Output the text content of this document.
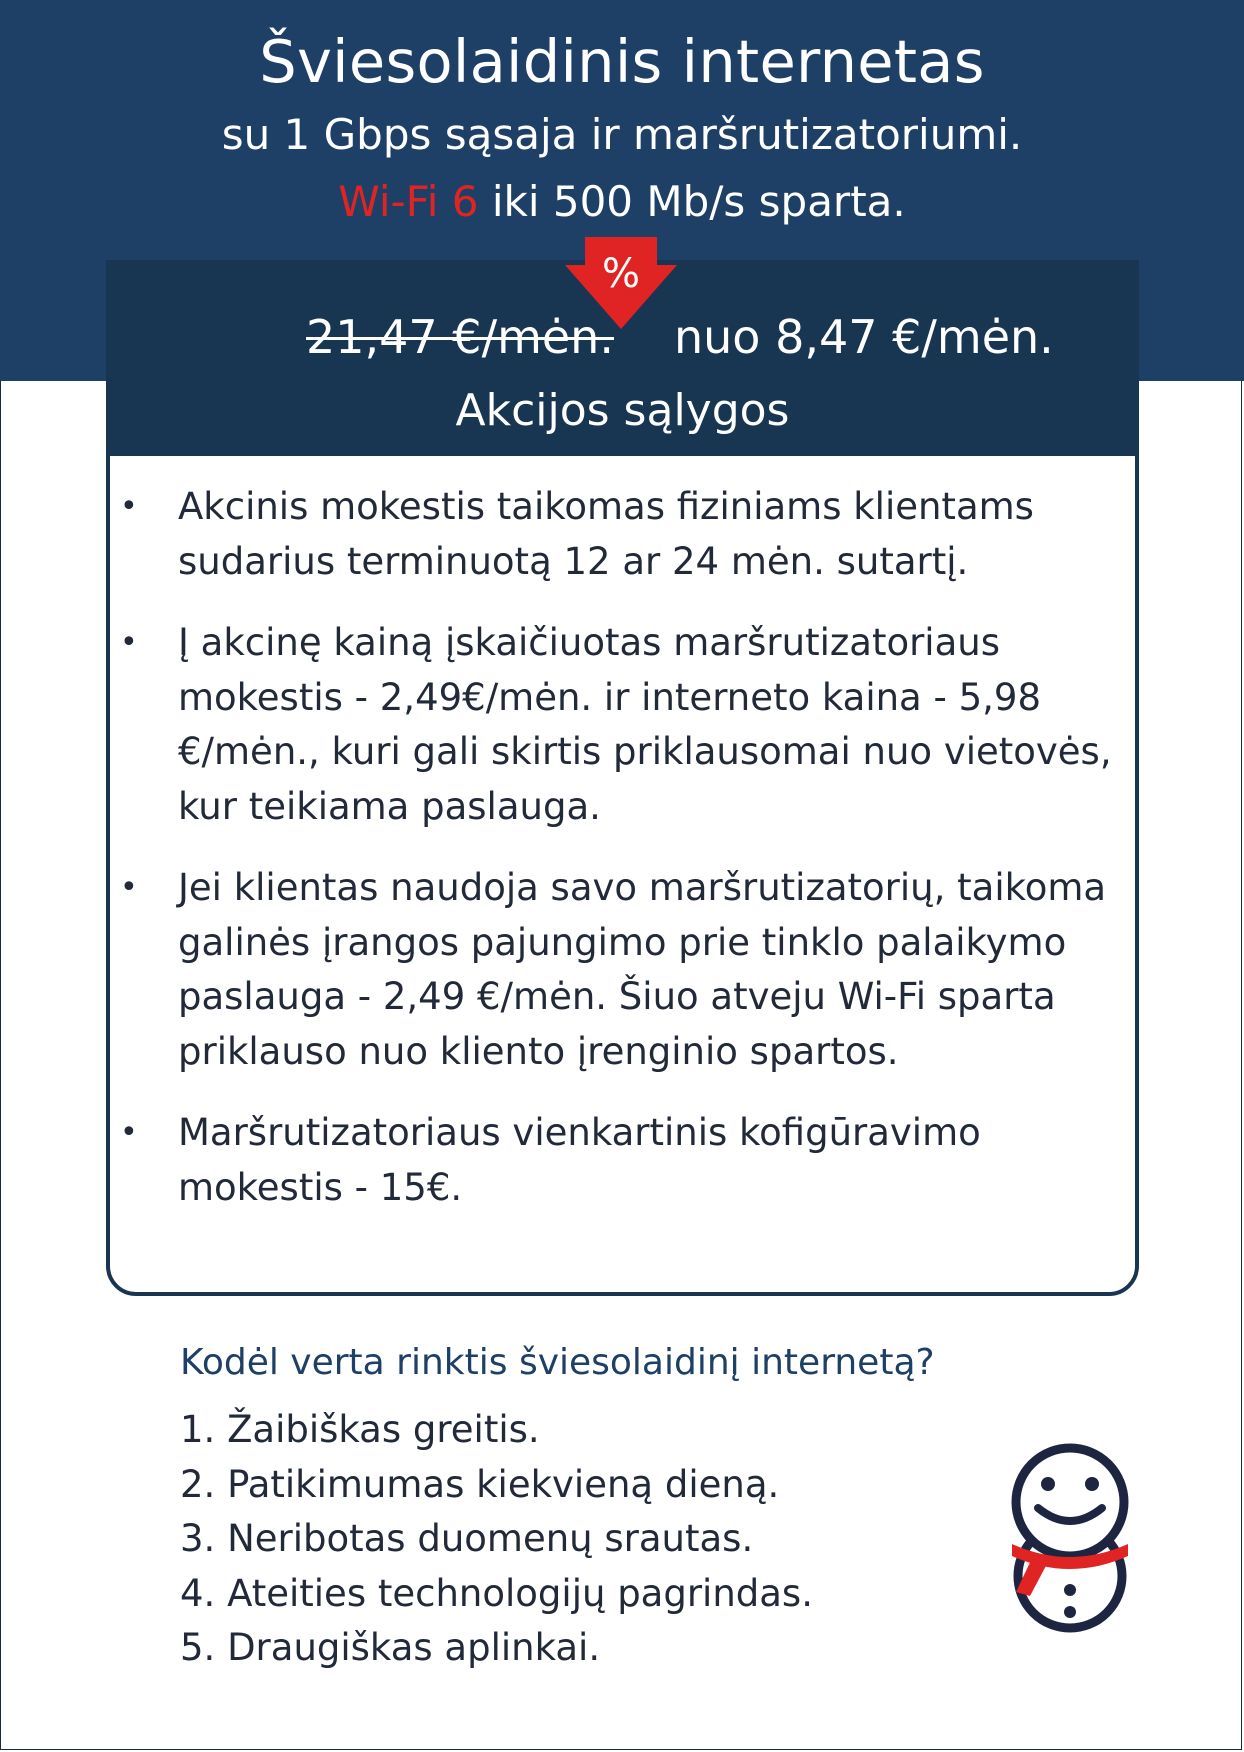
Šviesolaidinis internetas
su 1 Gbps sąsaja ir maršrutizatoriumi.
Wi-Fi 6 iki 500 Mb/s sparta.
%
21,47 €/mėn. nuo 8,47 €/mėn.
Akcijos sąlygos
• Akcinis mokestis taikomas fiziniams klientams sudarius terminuotą 12 ar 24 mėn. sutartį.
• Į akcinę kainą įskaičiuotas maršrutizatoriaus mokestis - 2,49€/mėn. ir interneto kaina - 5,98 €/mėn., kuri gali skirtis priklausomai nuo vietovės, kur teikiama paslauga.
• Jei klientas naudoja savo maršrutizatorių, taikoma galinės įrangos pajungimo prie tinklo palaikymo paslauga - 2,49 €/mėn. Šiuo atveju Wi-Fi sparta priklauso nuo kliento įrenginio spartos.
• Maršrutizatoriaus vienkartinis kofigūravimo mokestis - 15€.
Kodėl verta rinktis šviesolaidinį internetą?
1. Žaibiškas greitis.
2. Patikimumas kiekvieną dieną.
3. Neribotas duomenų srautas.
4. Ateities technologijų pagrindas.
5. Draugiškas aplinkai.
